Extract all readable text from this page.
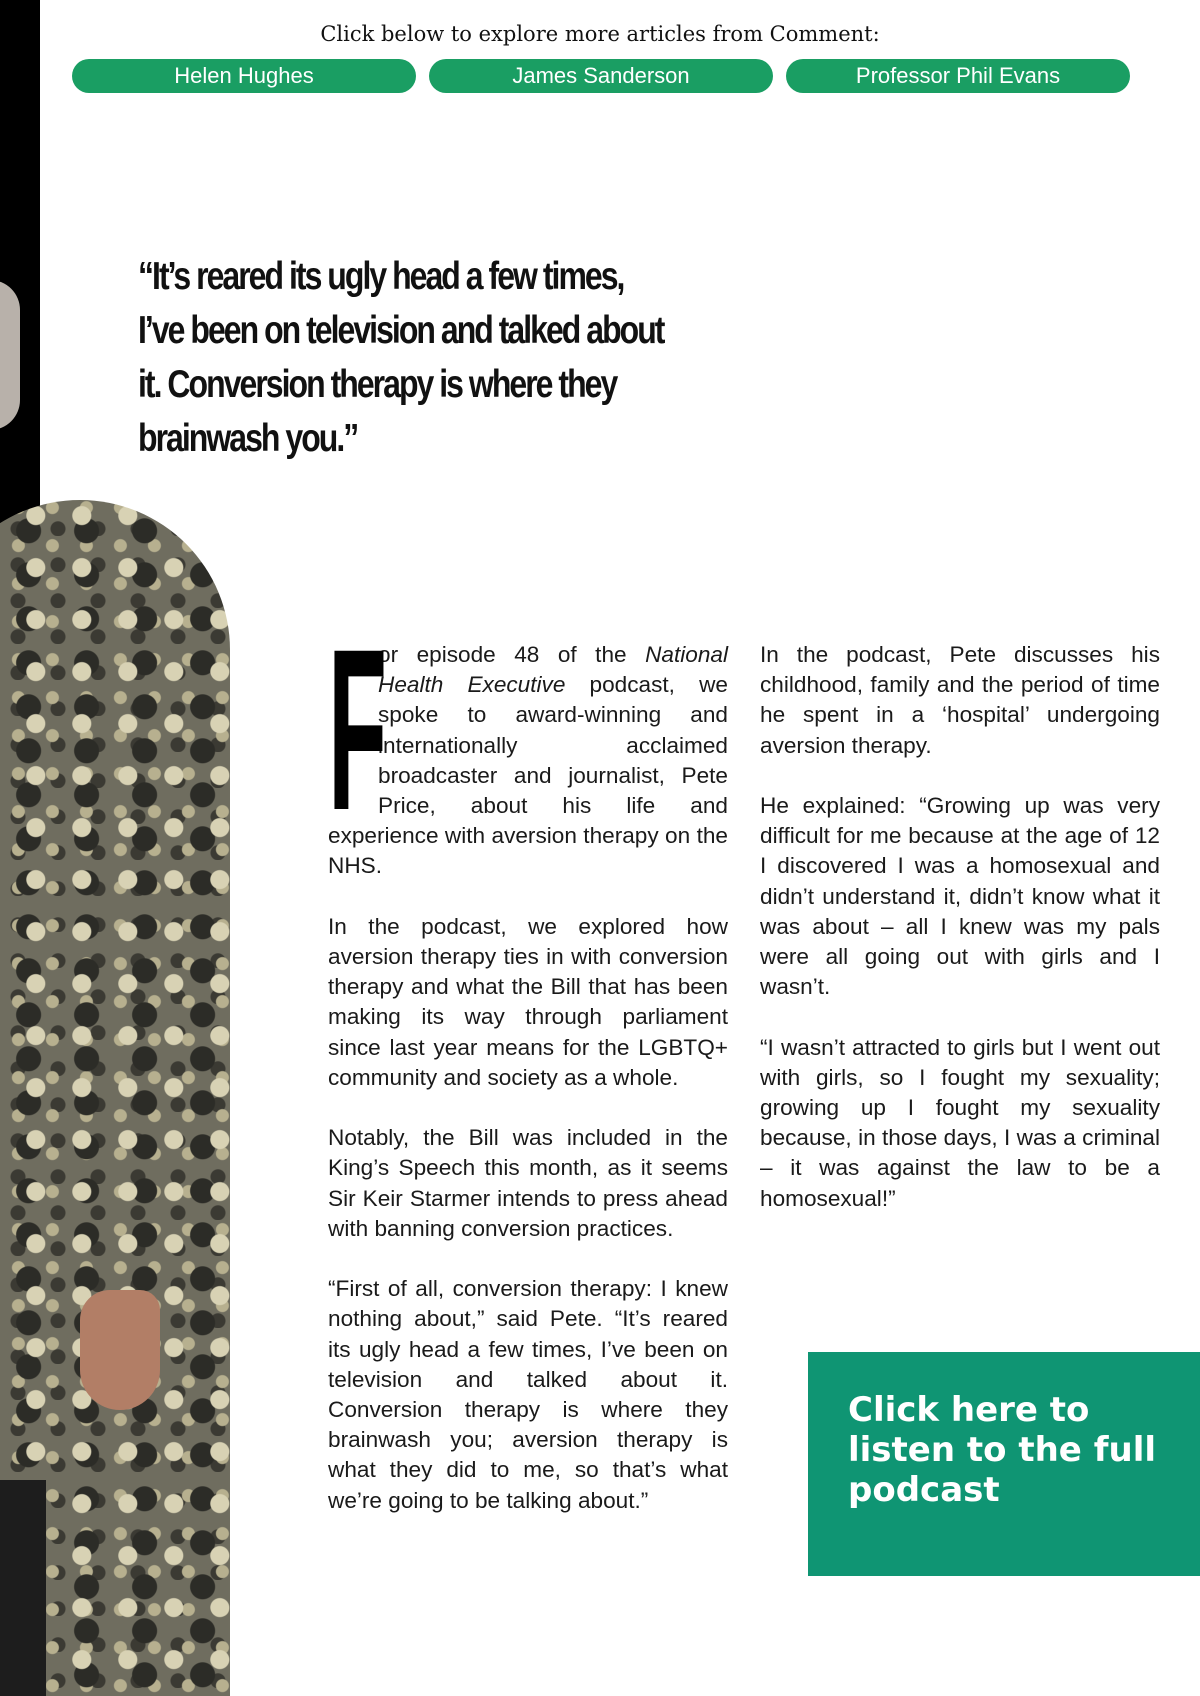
Click below to explore more articles from Comment:
Helen Hughes	James Sanderson	Professor Phil Evans
“It’s reared its ugly head a few times, I’ve been on television and talked about it. Conversion therapy is where they brainwash you.”

F
or episode 48 of the National Health Executive podcast, we spoke to award-winning and internationally acclaimed broadcaster and journalist, Pete Price, about his life and experience with aversion therapy on the NHS.

In the podcast, we explored how aversion therapy ties in with conversion therapy and what the Bill that has been making its way through parliament since last year means for the LGBTQ+ community and society as a whole.

Notably, the Bill was included in the King’s Speech this month, as it seems Sir Keir Starmer intends to press ahead with banning conversion practices.

“First of all, conversion therapy: I knew nothing about,” said Pete. “It’s reared its ugly head a few times, I’ve been on television and talked about it. Conversion therapy is where they brainwash you; aversion therapy is what they did to me, so that’s what we’re going to be talking about.”

In the podcast, Pete discusses his childhood, family and the period of time he spent in a ‘hospital’ undergoing aversion therapy.

He explained: “Growing up was very difficult for me because at the age of 12 I discovered I was a homosexual and didn’t understand it, didn’t know what it was about – all I knew was my pals were all going out with girls and I wasn’t.

“I wasn’t attracted to girls but I went out with girls, so I fought my sexuality; growing up I fought my sexuality because, in those days, I was a criminal – it was against the law to be a homosexual!”

Click here to listen to the full podcast
